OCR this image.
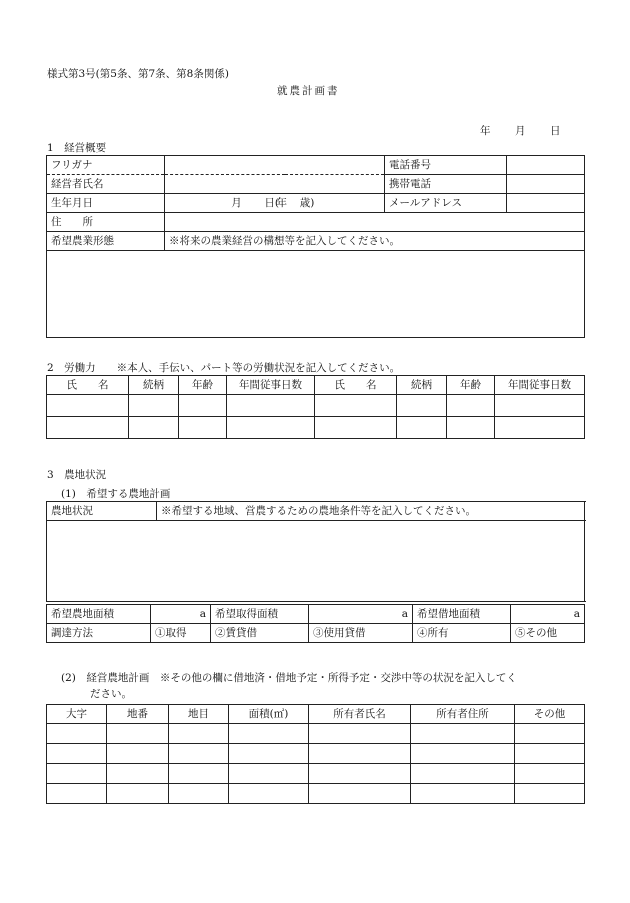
様式第3号(第5条、第7条、第8条関係)
就農計画書
年 月 日
1　経営概要
フリガナ		電話番号	
経営者氏名		携帯電話	
生年月日	年  月 日( 歳)	メールアドレス	
住　　所			
希望農業形態	※将来の農業経営の構想等を記入してください。		

2　労働力　　※本人、手伝い、パート等の労働状況を記入してください。
氏　　名	続柄	年齢	年間従事日数	氏　　名	続柄	年齢	年間従事日数

3　農地状況
(1)　希望する農地計画
農地状況	※希望する地域、営農するための農地条件等を記入してください。

希望農地面積	a	希望取得面積	a	希望借地面積	a
調達方法	①取得	②賃貸借	③使用貸借	④所有	⑤その他
(2)　経営農地計画　※その他の欄に借地済・借地予定・所得予定・交渉中等の状況を記入してく
ださい。
大字	地番	地目	面積(㎡)	所有者氏名	所有者住所	その他
